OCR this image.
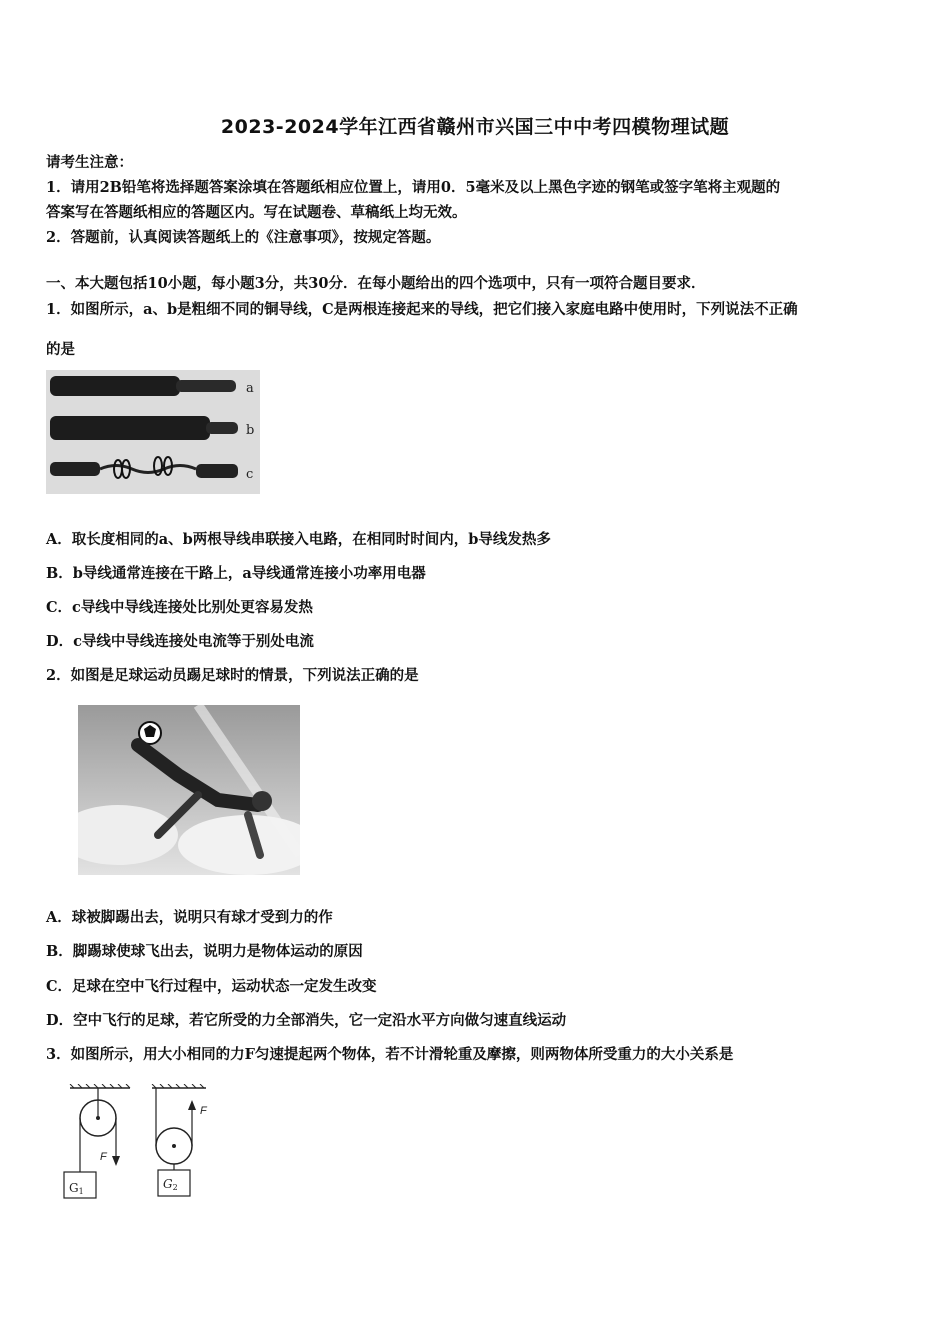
2023-2024学年江西省赣州市兴国三中中考四模物理试题
请考生注意：
1．请用2B铅笔将选择题答案涂填在答题纸相应位置上，请用0．5毫米及以上黑色字迹的钢笔或签字笔将主观题的
答案写在答题纸相应的答题区内。写在试题卷、草稿纸上均无效。
2．答题前，认真阅读答题纸上的《注意事项》，按规定答题。
一、本大题包括10小题，每小题3分，共30分．在每小题给出的四个选项中，只有一项符合题目要求．
1．如图所示，a、b是粗细不同的铜导线，C是两根连接起来的导线，把它们接入家庭电路中使用时，下列说法不正确
的是
a
b
c
A．取长度相同的a、b两根导线串联接入电路，在相同时时间内，b导线发热多
B．b导线通常连接在干路上，a导线通常连接小功率用电器
C．c导线中导线连接处比别处更容易发热
D．c导线中导线连接处电流等于别处电流
2．如图是足球运动员踢足球时的情景，下列说法正确的是
A．球被脚踢出去，说明只有球才受到力的作
B．脚踢球使球飞出去，说明力是物体运动的原因
C．足球在空中飞行过程中，运动状态一定发生改变
D．空中飞行的足球，若它所受的力全部消失，它一定沿水平方向做匀速直线运动
3．如图所示，用大小相同的力F匀速提起两个物体，若不计滑轮重及摩擦，则两物体所受重力的大小关系是
F
G1
F
G2
